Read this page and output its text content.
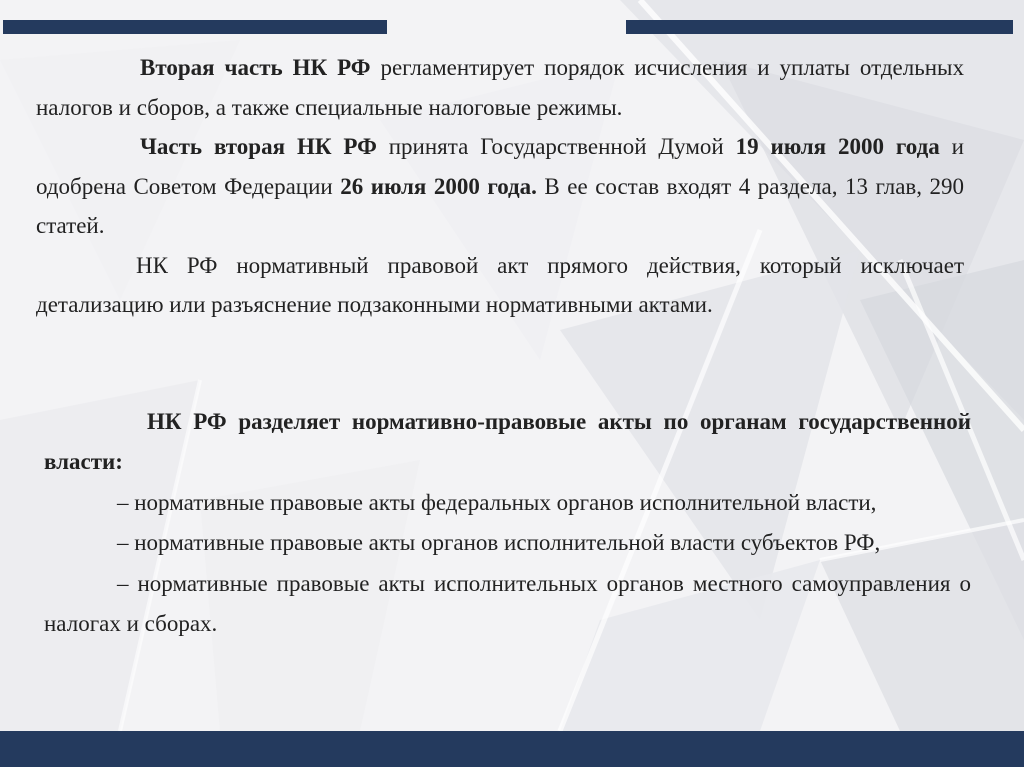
Вторая часть НК РФ регламентирует порядок исчисления и уплаты отдельных налогов и сборов, а также специальные налоговые режимы.

Часть вторая НК РФ принята Государственной Думой 19 июля 2000 года и одобрена Советом Федерации 26 июля 2000 года. В ее состав входят 4 раздела, 13 глав, 290 статей.

НК РФ нормативный правовой акт прямого действия, который исключает детализацию или разъяснение подзаконными нормативными актами.

НК РФ разделяет нормативно-правовые акты по органам государственной власти:

– нормативные правовые акты федеральных органов исполнительной власти,

– нормативные правовые акты органов исполнительной власти субъектов РФ,

– нормативные правовые акты исполнительных органов местного самоуправления о налогах и сборах.
